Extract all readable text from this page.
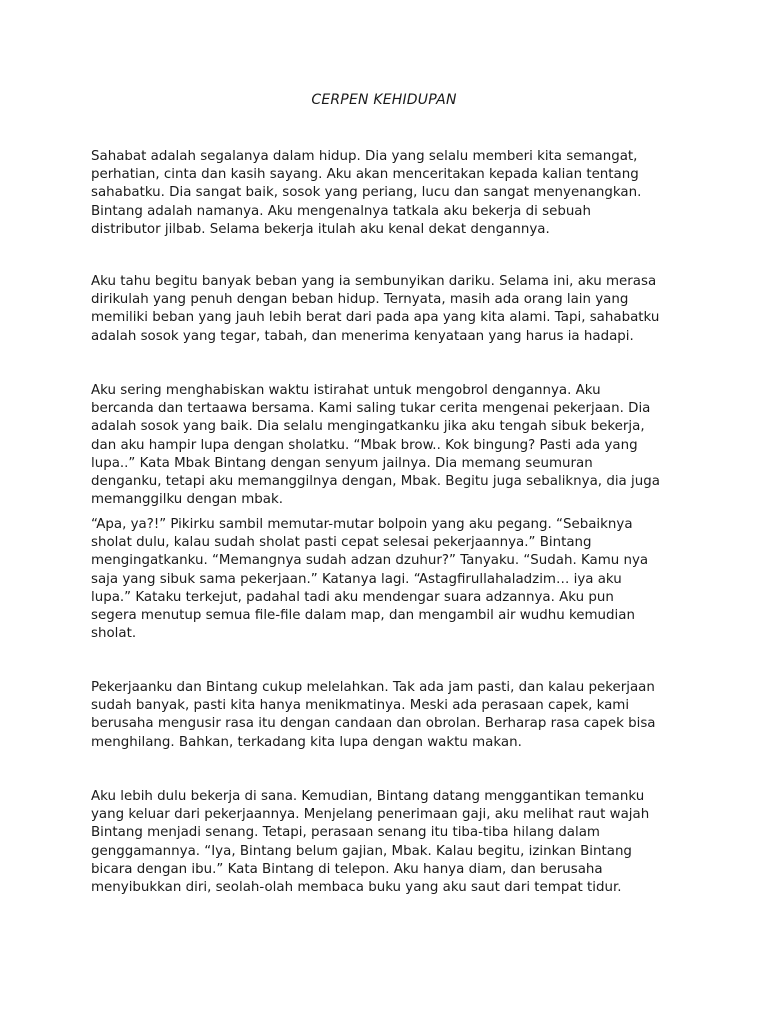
CERPEN KEHIDUPAN

Sahabat adalah segalanya dalam hidup. Dia yang selalu memberi kita semangat,
perhatian, cinta dan kasih sayang. Aku akan menceritakan kepada kalian tentang
sahabatku. Dia sangat baik, sosok yang periang, lucu dan sangat menyenangkan.
Bintang adalah namanya. Aku mengenalnya tatkala aku bekerja di sebuah
distributor jilbab. Selama bekerja itulah aku kenal dekat dengannya.

Aku tahu begitu banyak beban yang ia sembunyikan dariku. Selama ini, aku merasa
dirikulah yang penuh dengan beban hidup. Ternyata, masih ada orang lain yang
memiliki beban yang jauh lebih berat dari pada apa yang kita alami. Tapi, sahabatku
adalah sosok yang tegar, tabah, dan menerima kenyataan yang harus ia hadapi.

Aku sering menghabiskan waktu istirahat untuk mengobrol dengannya. Aku
bercanda dan tertaawa bersama. Kami saling tukar cerita mengenai pekerjaan. Dia
adalah sosok yang baik. Dia selalu mengingatkanku jika aku tengah sibuk bekerja,
dan aku hampir lupa dengan sholatku. “Mbak brow.. Kok bingung? Pasti ada yang
lupa..” Kata Mbak Bintang dengan senyum jailnya. Dia memang seumuran
denganku, tetapi aku memanggilnya dengan, Mbak. Begitu juga sebaliknya, dia juga
memanggilku dengan mbak.

“Apa, ya?!” Pikirku sambil memutar-mutar bolpoin yang aku pegang. “Sebaiknya
sholat dulu, kalau sudah sholat pasti cepat selesai pekerjaannya.” Bintang
mengingatkanku. “Memangnya sudah adzan dzuhur?” Tanyaku. “Sudah. Kamu nya
saja yang sibuk sama pekerjaan.” Katanya lagi. “Astagfirullahaladzim… iya aku
lupa.” Kataku terkejut, padahal tadi aku mendengar suara adzannya. Aku pun
segera menutup semua file-file dalam map, dan mengambil air wudhu kemudian
sholat.

Pekerjaanku dan Bintang cukup melelahkan. Tak ada jam pasti, dan kalau pekerjaan
sudah banyak, pasti kita hanya menikmatinya. Meski ada perasaan capek, kami
berusaha mengusir rasa itu dengan candaan dan obrolan. Berharap rasa capek bisa
menghilang. Bahkan, terkadang kita lupa dengan waktu makan.

Aku lebih dulu bekerja di sana. Kemudian, Bintang datang menggantikan temanku
yang keluar dari pekerjaannya. Menjelang penerimaan gaji, aku melihat raut wajah
Bintang menjadi senang. Tetapi, perasaan senang itu tiba-tiba hilang dalam
genggamannya. “Iya, Bintang belum gajian, Mbak. Kalau begitu, izinkan Bintang
bicara dengan ibu.” Kata Bintang di telepon. Aku hanya diam, dan berusaha
menyibukkan diri, seolah-olah membaca buku yang aku saut dari tempat tidur.
